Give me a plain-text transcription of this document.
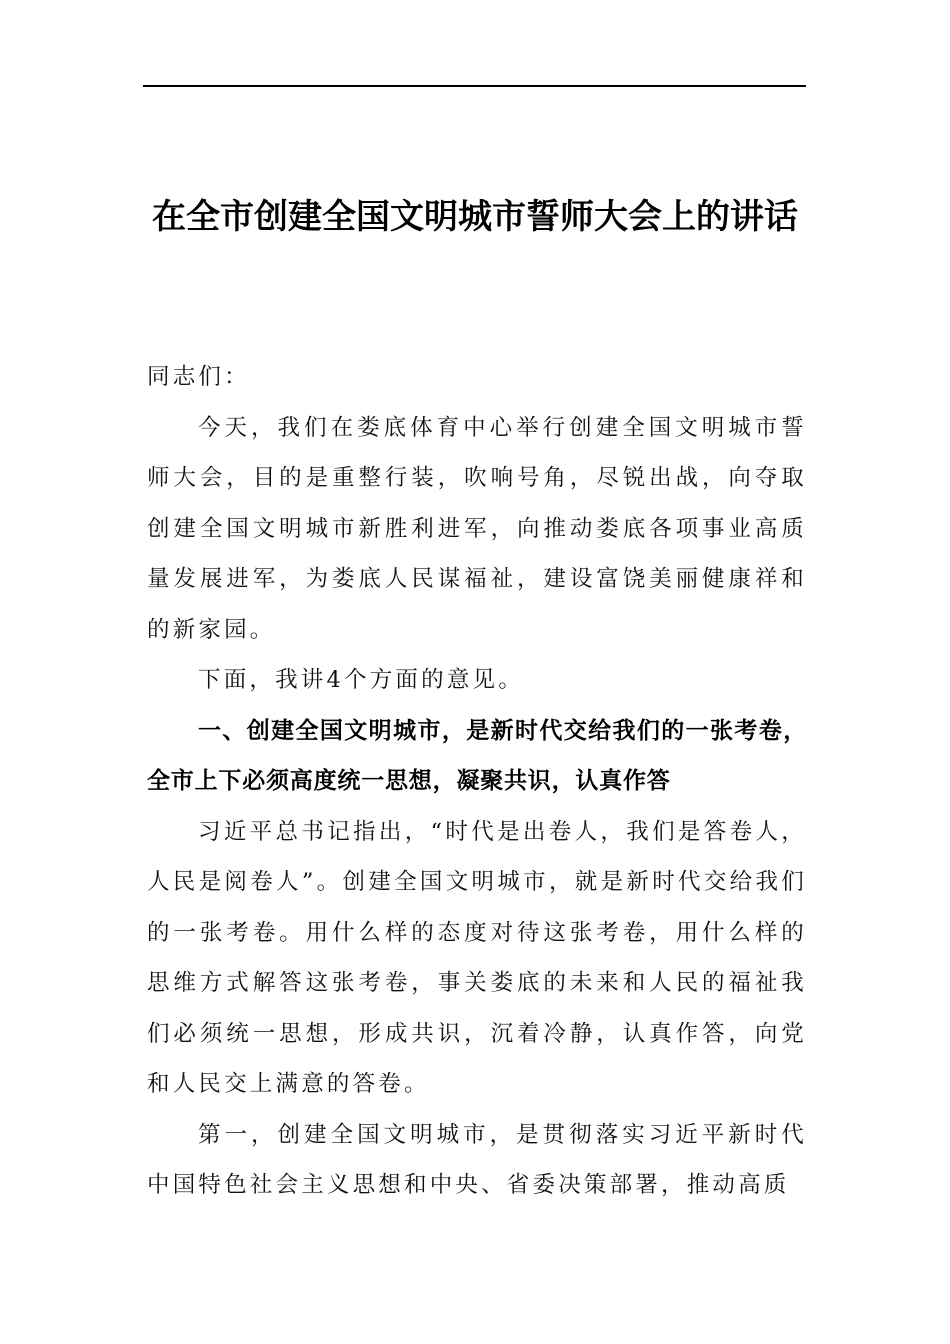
在全市创建全国文明城市誓师大会上的讲话

同志们：

今天，我们在娄底体育中心举行创建全国文明城市誓师大会，目的是重整行装，吹响号角，尽锐出战，向夺取创建全国文明城市新胜利进军，向推动娄底各项事业高质量发展进军，为娄底人民谋福祉，建设富饶美丽健康祥和的新家园。

下面，我讲4个方面的意见。

一、创建全国文明城市，是新时代交给我们的一张考卷，全市上下必须高度统一思想，凝聚共识，认真作答

习近平总书记指出，“时代是出卷人，我们是答卷人，人民是阅卷人”。创建全国文明城市，就是新时代交给我们的一张考卷。用什么样的态度对待这张考卷，用什么样的思维方式解答这张考卷，事关娄底的未来和人民的福祉我们必须统一思想，形成共识，沉着冷静，认真作答，向党和人民交上满意的答卷。

第一，创建全国文明城市，是贯彻落实习近平新时代中国特色社会主义思想和中央、省委决策部署，推动高质
